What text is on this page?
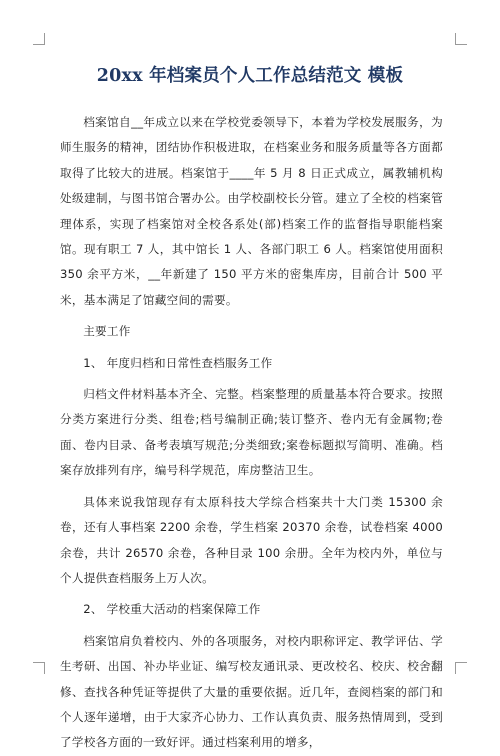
20xx 年档案员个人工作总结范文 模板

档案馆自__年成立以来在学校党委领导下，本着为学校发展服务，为师生服务的精神，团结协作积极进取，在档案业务和服务质量等各方面都取得了比较大的进展。档案馆于____年 5 月 8 日正式成立，属教辅机构处级建制，与图书馆合署办公。由学校副校长分管。建立了全校的档案管理体系，实现了档案馆对全校各系处(部)档案工作的监督指导职能档案馆。现有职工 7 人，其中馆长 1 人、各部门职工 6 人。档案馆使用面积 350 余平方米，__年新建了 150 平方米的密集库房，目前合计 500 平米，基本满足了馆藏空间的需要。

主要工作

1、 年度归档和日常性查档服务工作

归档文件材料基本齐全、完整。档案整理的质量基本符合要求。按照分类方案进行分类、组卷;档号编制正确;装订整齐、卷内无有金属物;卷面、卷内目录、备考表填写规范;分类细致;案卷标题拟写简明、准确。档案存放排列有序，编号科学规范，库房整洁卫生。

具体来说我馆现存有太原科技大学综合档案共十大门类 15300 余卷，还有人事档案 2200 余卷，学生档案 20370 余卷，试卷档案 4000 余卷，共计 26570 余卷，各种目录 100 余册。全年为校内外，单位与个人提供查档服务上万人次。

2、 学校重大活动的档案保障工作

档案馆肩负着校内、外的各项服务，对校内职称评定、教学评估、学生考研、出国、补办毕业证、编写校友通讯录、更改校名、校庆、校舍翻修、查找各种凭证等提供了大量的重要依据。近几年，查阅档案的部门和个人逐年递增，由于大家齐心协力、工作认真负责、服务热情周到，受到了学校各方面的一致好评。通过档案利用的增多，
